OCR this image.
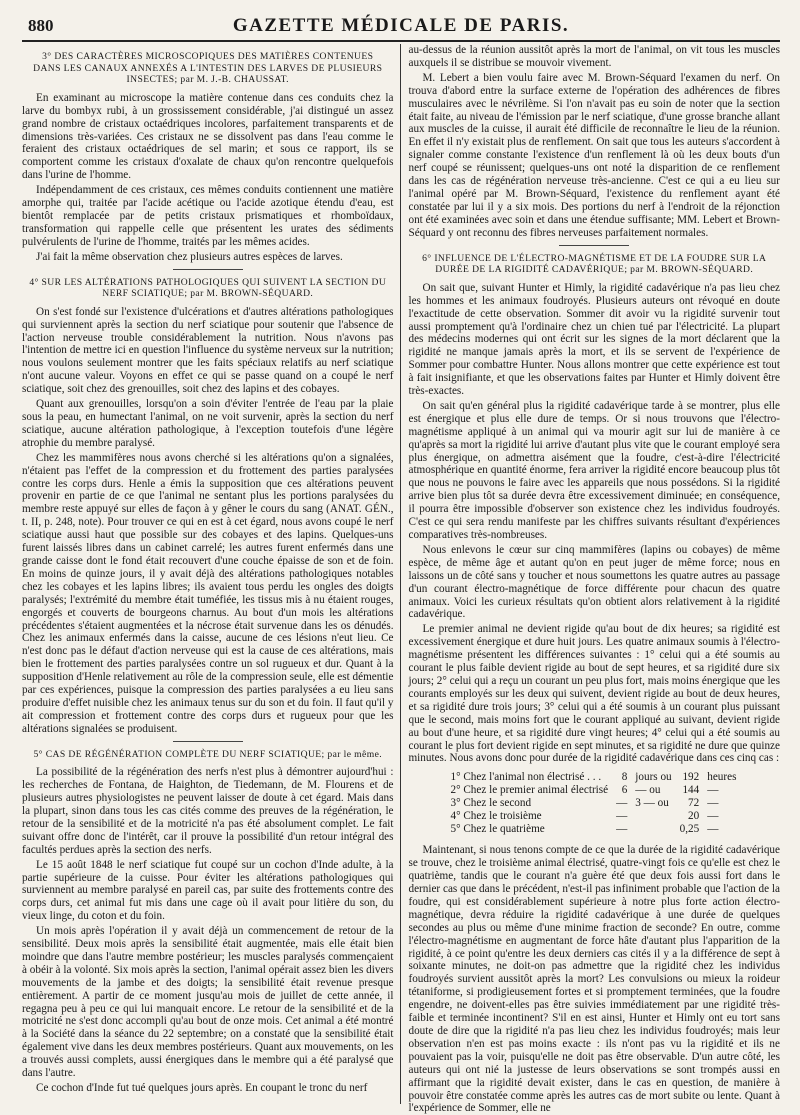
880	GAZETTE MÉDICALE DE PARIS.
3° DES CARACTÈRES MICROSCOPIQUES DES MATIÈRES CONTENUES DANS LES CANAUX ANNEXÉS A L'INTESTIN DES LARVES DE PLUSIEURS INSECTES; par M. J.-B. CHAUSSAT.

En examinant au microscope la matière contenue dans ces conduits chez la larve du bombyx rubi, à un grossissement considérable, j'ai distingué un assez grand nombre de cristaux octaédriques incolores, parfaitement transparents et de dimensions très-variées. Ces cristaux ne se dissolvent pas dans l'eau comme le feraient des cristaux octaédriques de sel marin; et sous ce rapport, ils se comportent comme les cristaux d'oxalate de chaux qu'on rencontre quelquefois dans l'urine de l'homme.

Indépendamment de ces cristaux, ces mêmes conduits contiennent une matière amorphe qui, traitée par l'acide acétique ou l'acide azotique étendu d'eau, est bientôt remplacée par de petits cristaux prismatiques et rhomboïdaux, transformation qui rappelle celle que présentent les urates des sédiments pulvérulents de l'urine de l'homme, traités par les mêmes acides.

J'ai fait la même observation chez plusieurs autres espèces de larves.

4° SUR LES ALTÉRATIONS PATHOLOGIQUES QUI SUIVENT LA SECTION DU NERF SCIATIQUE; par M. BROWN-SÉQUARD.

On s'est fondé sur l'existence d'ulcérations et d'autres altérations pathologiques qui surviennent après la section du nerf sciatique pour soutenir que l'absence de l'action nerveuse trouble considérablement la nutrition. Nous n'avons pas l'intention de mettre ici en question l'influence du système nerveux sur la nutrition; nous voulons seulement montrer que les faits spéciaux relatifs au nerf sciatique n'ont aucune valeur. Voyons en effet ce qui se passe quand on a coupé le nerf sciatique, soit chez des grenouilles, soit chez des lapins et des cobayes.

Quant aux grenouilles, lorsqu'on a soin d'éviter l'entrée de l'eau par la plaie sous la peau, en humectant l'animal, on ne voit survenir, après la section du nerf sciatique, aucune altération pathologique, à l'exception toutefois d'une légère atrophie du membre paralysé.

Chez les mammifères nous avons cherché si les altérations qu'on a signalées, n'étaient pas l'effet de la compression et du frottement des parties paralysées contre les corps durs. Henle a émis la supposition que ces altérations peuvent provenir en partie de ce que l'animal ne sentant plus les portions paralysées du membre reste appuyé sur elles de façon à y gêner le cours du sang (ANAT. GÉN., t. II, p. 248, note). Pour trouver ce qui en est à cet égard, nous avons coupé le nerf sciatique aussi haut que possible sur des cobayes et des lapins. Quelques-uns furent laissés libres dans un cabinet carrelé; les autres furent enfermés dans une grande caisse dont le fond était recouvert d'une couche épaisse de son et de foin. En moins de quinze jours, il y avait déjà des altérations pathologiques notables chez les cobayes et les lapins libres; ils avaient tous perdu les ongles des doigts paralysés; l'extrémité du membre était tuméfiée, les tissus mis à nu étaient rouges, engorgés et couverts de bourgeons charnus. Au bout d'un mois les altérations précédentes s'étaient augmentées et la nécrose était survenue dans les os dénudés. Chez les animaux enfermés dans la caisse, aucune de ces lésions n'eut lieu. Ce n'est donc pas le défaut d'action nerveuse qui est la cause de ces altérations, mais bien le frottement des parties paralysées contre un sol rugueux et dur. Quant à la supposition d'Henle relativement au rôle de la compression seule, elle est démentie par ces expériences, puisque la compression des parties paralysées a eu lieu sans produire d'effet nuisible chez les animaux tenus sur du son et du foin. Il faut qu'il y ait compression et frottement contre des corps durs et rugueux pour que les altérations signalées se produisent.

5° CAS DE RÉGÉNÉRATION COMPLÈTE DU NERF SCIATIQUE; par le même.

La possibilité de la régénération des nerfs n'est plus à démontrer aujourd'hui : les recherches de Fontana, de Haighton, de Tiedemann, de M. Flourens et de plusieurs autres physiologistes ne peuvent laisser de doute à cet égard. Mais dans la plupart, sinon dans tous les cas cités comme des preuves de la régénération, le retour de la sensibilité et de la motricité n'a pas été absolument complet. Le fait suivant offre donc de l'intérêt, car il prouve la possibilité d'un retour intégral des facultés perdues après la section des nerfs.

Le 15 août 1848 le nerf sciatique fut coupé sur un cochon d'Inde adulte, à la partie supérieure de la cuisse. Pour éviter les altérations pathologiques qui surviennent au membre paralysé en pareil cas, par suite des frottements contre des corps durs, cet animal fut mis dans une cage où il avait pour litière du son, du vieux linge, du coton et du foin.

Un mois après l'opération il y avait déjà un commencement de retour de la sensibilité. Deux mois après la sensibilité était augmentée, mais elle était bien moindre que dans l'autre membre postérieur; les muscles paralysés commençaient à obéir à la volonté. Six mois après la section, l'animal opérait assez bien les divers mouvements de la jambe et des doigts; la sensibilité était revenue presque entièrement. A partir de ce moment jusqu'au mois de juillet de cette année, il regagna peu à peu ce qui lui manquait encore. Le retour de la sensibilité et de la motricité ne s'est donc accompli qu'au bout de onze mois. Cet animal a été montré à la Société dans la séance du 22 septembre; on a constaté que la sensibilité était également vive dans les deux membres postérieurs. Quant aux mouvements, on les a trouvés aussi complets, aussi énergiques dans le membre qui a été paralysé que dans l'autre.

Ce cochon d'Inde fut tué quelques jours après. En coupant le tronc du nerf

au-dessus de la réunion aussitôt après la mort de l'animal, on vit tous les muscles auxquels il se distribue se mouvoir vivement.

M. Lebert a bien voulu faire avec M. Brown-Séquard l'examen du nerf. On trouva d'abord entre la surface externe de l'opération des adhérences de fibres musculaires avec le névrilème. Si l'on n'avait pas eu soin de noter que la section était faite, au niveau de l'émission par le nerf sciatique, d'une grosse branche allant aux muscles de la cuisse, il aurait été difficile de reconnaître le lieu de la réunion. En effet il n'y existait plus de renflement. On sait que tous les auteurs s'accordent à signaler comme constante l'existence d'un renflement là où les deux bouts d'un nerf coupé se réunissent; quelques-uns ont noté la disparition de ce renflement dans les cas de régénération nerveuse très-ancienne. C'est ce qui a eu lieu sur l'animal opéré par M. Brown-Séquard, l'existence du renflement ayant été constatée par lui il y a six mois. Des portions du nerf à l'endroit de la réjonction ont été examinées avec soin et dans une étendue suffisante; MM. Lebert et Brown-Séquard y ont reconnu des fibres nerveuses parfaitement normales.

6° INFLUENCE DE L'ÉLECTRO-MAGNÉTISME ET DE LA FOUDRE SUR LA DURÉE DE LA RIGIDITÉ CADAVÉRIQUE; par M. BROWN-SÉQUARD.

On sait que, suivant Hunter et Himly, la rigidité cadavérique n'a pas lieu chez les hommes et les animaux foudroyés. Plusieurs auteurs ont révoqué en doute l'exactitude de cette observation. Sommer dit avoir vu la rigidité survenir tout aussi promptement qu'à l'ordinaire chez un chien tué par l'électricité. La plupart des médecins modernes qui ont écrit sur les signes de la mort déclarent que la rigidité ne manque jamais après la mort, et ils se servent de l'expérience de Sommer pour combattre Hunter. Nous allons montrer que cette expérience est tout à fait insignifiante, et que les observations faites par Hunter et Himly doivent être très-exactes.

On sait qu'en général plus la rigidité cadavérique tarde à se montrer, plus elle est énergique et plus elle dure de temps. Or si nous trouvons que l'électro-magnétisme appliqué à un animal qui va mourir agit sur lui de manière à ce qu'après sa mort la rigidité lui arrive d'autant plus vite que le courant employé sera plus énergique, on admettra aisément que la foudre, c'est-à-dire l'électricité atmosphérique en quantité énorme, fera arriver la rigidité encore beaucoup plus tôt que nous ne pouvons le faire avec les appareils que nous possédons. Si la rigidité arrive bien plus tôt sa durée devra être excessivement diminuée; en conséquence, il pourra être impossible d'observer son existence chez les individus foudroyés. C'est ce qui sera rendu manifeste par les chiffres suivants résultant d'expériences comparatives très-nombreuses.

Nous enlevons le cœur sur cinq mammifères (lapins ou cobayes) de même espèce, de même âge et autant qu'on en peut juger de même force; nous en laissons un de côté sans y toucher et nous soumettons les quatre autres au passage d'un courant électro-magnétique de force différente pour chacun des quatre animaux. Voici les curieux résultats qu'on obtient alors relativement à la rigidité cadavérique.

Le premier animal ne devient rigide qu'au bout de dix heures; sa rigidité est excessivement énergique et dure huit jours. Les quatre animaux soumis à l'électro-magnétisme présentent les différences suivantes : 1° celui qui a été soumis au courant le plus faible devient rigide au bout de sept heures, et sa rigidité dure six jours; 2° celui qui a reçu un courant un peu plus fort, mais moins énergique que les courants employés sur les deux qui suivent, devient rigide au bout de deux heures, et sa rigidité dure trois jours; 3° celui qui a été soumis à un courant plus puissant que le second, mais moins fort que le courant appliqué au suivant, devient rigide au bout d'une heure, et sa rigidité dure vingt heures; 4° celui qui a été soumis au courant le plus fort devient rigide en sept minutes, et sa rigidité ne dure que quinze minutes. Nous avons donc pour durée de la rigidité cadavérique dans ces cinq cas :

1° Chez l'animal non électrisé . . .	8	jours ou	192	heures
2° Chez le premier animal électrisé	6	— ou	144	—
3° Chez le second	—	3 — ou	72	—
4° Chez le troisième	—		20	—
5° Chez le quatrième	—		0,25	—

Maintenant, si nous tenons compte de ce que la durée de la rigidité cadavérique se trouve, chez le troisième animal électrisé, quatre-vingt fois ce qu'elle est chez le quatrième, tandis que le courant n'a guère été que deux fois aussi fort dans le dernier cas que dans le précédent, n'est-il pas infiniment probable que l'action de la foudre, qui est considérablement supérieure à notre plus forte action électro-magnétique, devra réduire la rigidité cadavérique à une durée de quelques secondes au plus ou même d'une minime fraction de seconde? En outre, comme l'électro-magnétisme en augmentant de force hâte d'autant plus l'apparition de la rigidité, à ce point qu'entre les deux derniers cas cités il y a la différence de sept à soixante minutes, ne doit-on pas admettre que la rigidité chez les individus foudroyés survient aussitôt après la mort? Les convulsions ou mieux la roideur tétaniforme, si prodigieusement fortes et si promptement terminées, que la foudre engendre, ne doivent-elles pas être suivies immédiatement par une rigidité très-faible et terminée incontinent? S'il en est ainsi, Hunter et Himly ont eu tort sans doute de dire que la rigidité n'a pas lieu chez les individus foudroyés; mais leur observation n'en est pas moins exacte : ils n'ont pas vu la rigidité et ils ne pouvaient pas la voir, puisqu'elle ne doit pas être observable. D'un autre côté, les auteurs qui ont nié la justesse de leurs observations se sont trompés aussi en affirmant que la rigidité devait exister, dans le cas en question, de manière à pouvoir être constatée comme après les autres cas de mort subite ou lente. Quant à l'expérience de Sommer, elle ne
